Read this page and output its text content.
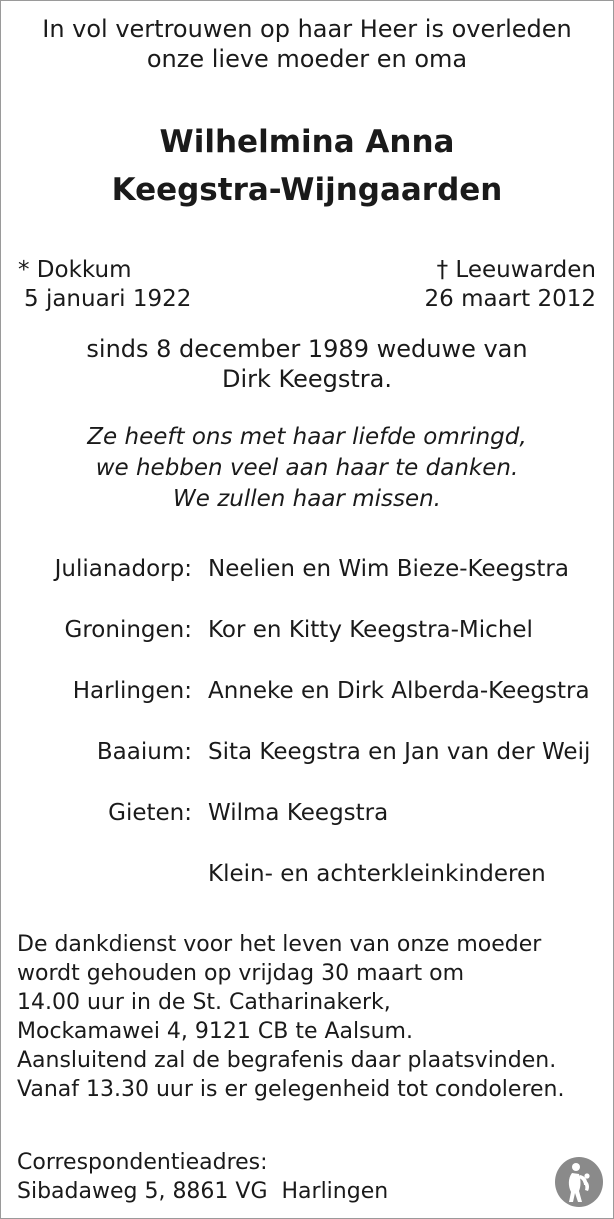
In vol vertrouwen op haar Heer is overleden
onze lieve moeder en oma
Wilhelmina Anna
Keegstra-Wijngaarden
* Dokkum
5 januari 1922
† Leeuwarden
26 maart 2012
sinds 8 december 1989 weduwe van
Dirk Keegstra.
Ze heeft ons met haar liefde omringd,
we hebben veel aan haar te danken.
We zullen haar missen.
Julianadorp: Neelien en Wim Bieze-Keegstra
Groningen: Kor en Kitty Keegstra-Michel
Harlingen: Anneke en Dirk Alberda-Keegstra
Baaium: Sita Keegstra en Jan van der Weij
Gieten: Wilma Keegstra
Klein- en achterkleinkinderen
De dankdienst voor het leven van onze moeder
wordt gehouden op vrijdag 30 maart om
14.00 uur in de St. Catharinakerk,
Mockamawei 4, 9121 CB te Aalsum.
Aansluitend zal de begrafenis daar plaatsvinden.
Vanaf 13.30 uur is er gelegenheid tot condoleren.
Correspondentieadres:
Sibadaweg 5, 8861 VG  Harlingen
